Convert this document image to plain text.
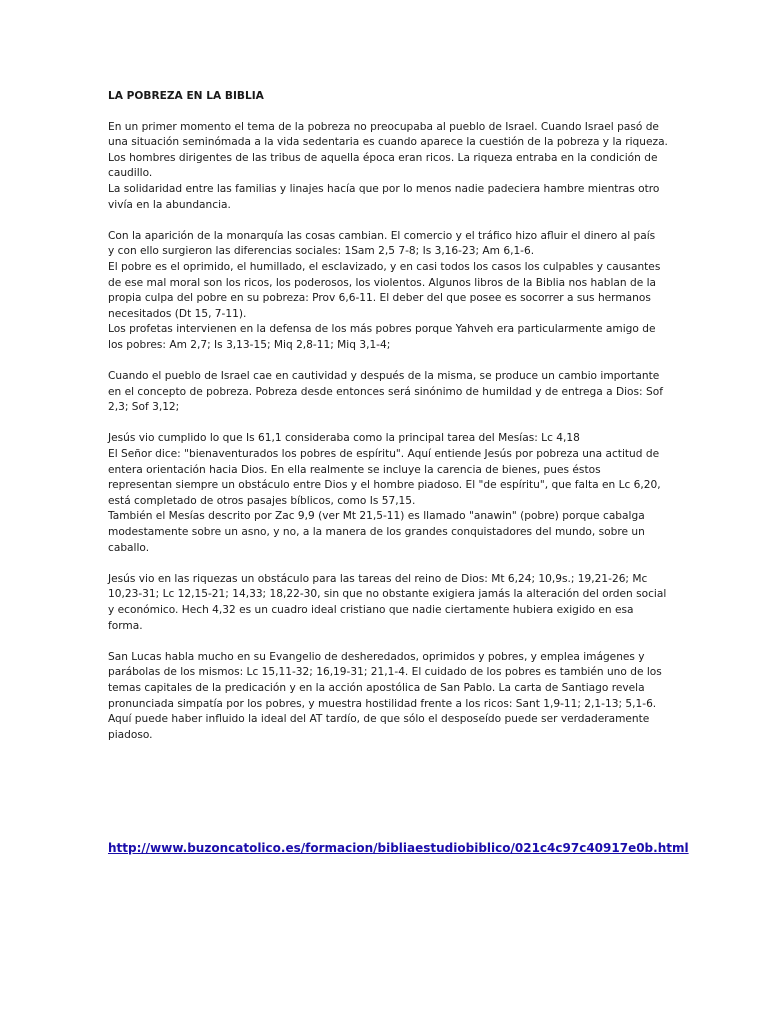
LA POBREZA EN LA BIBLIA
En un primer momento el tema de la pobreza no preocupaba al pueblo de Israel. Cuando Israel pasó de
una situación seminómada a la vida sedentaria es cuando aparece la cuestión de la pobreza y la riqueza.
Los hombres dirigentes de las tribus de aquella época eran ricos. La riqueza entraba en la condición de
caudillo.
La solidaridad entre las familias y linajes hacía que por lo menos nadie padeciera hambre mientras otro
vivía en la abundancia.
Con la aparición de la monarquía las cosas cambian. El comercio y el tráfico hizo afluir el dinero al país
y con ello surgieron las diferencias sociales: 1Sam 2,5 7-8; Is 3,16-23; Am 6,1-6.
El pobre es el oprimido, el humillado, el esclavizado, y en casi todos los casos los culpables y causantes
de ese mal moral son los ricos, los poderosos, los violentos. Algunos libros de la Biblia nos hablan de la
propia culpa del pobre en su pobreza: Prov 6,6-11. El deber del que posee es socorrer a sus hermanos
necesitados (Dt 15, 7-11).
Los profetas intervienen en la defensa de los más pobres porque Yahveh era particularmente amigo de
los pobres: Am 2,7; Is 3,13-15; Miq 2,8-11; Miq 3,1-4;
Cuando el pueblo de Israel cae en cautividad y después de la misma, se produce un cambio importante
en el concepto de pobreza. Pobreza desde entonces será sinónimo de humildad y de entrega a Dios: Sof
2,3; Sof 3,12;
Jesús vio cumplido lo que Is 61,1 consideraba como la principal tarea del Mesías: Lc 4,18
El Señor dice: "bienaventurados los pobres de espíritu". Aquí entiende Jesús por pobreza una actitud de
entera orientación hacia Dios. En ella realmente se incluye la carencia de bienes, pues éstos
representan siempre un obstáculo entre Dios y el hombre piadoso. El "de espíritu", que falta en Lc 6,20,
está completado de otros pasajes bíblicos, como Is 57,15.
También el Mesías descrito por Zac 9,9 (ver Mt 21,5-11) es llamado "anawin" (pobre) porque cabalga
modestamente sobre un asno, y no, a la manera de los grandes conquistadores del mundo, sobre un
caballo.
Jesús vio en las riquezas un obstáculo para las tareas del reino de Dios: Mt 6,24; 10,9s.; 19,21-26; Mc
10,23-31; Lc 12,15-21; 14,33; 18,22-30, sin que no obstante exigiera jamás la alteración del orden social
y económico. Hech 4,32 es un cuadro ideal cristiano que nadie ciertamente hubiera exigido en esa
forma.
San Lucas habla mucho en su Evangelio de desheredados, oprimidos y pobres, y emplea imágenes y
parábolas de los mismos: Lc 15,11-32; 16,19-31; 21,1-4. El cuidado de los pobres es también uno de los
temas capitales de la predicación y en la acción apostólica de San Pablo. La carta de Santiago revela
pronunciada simpatía por los pobres, y muestra hostilidad frente a los ricos: Sant 1,9-11; 2,1-13; 5,1-6.
Aquí puede haber influido la ideal del AT tardío, de que sólo el desposeído puede ser verdaderamente
piadoso.
http://www.buzoncatolico.es/formacion/bibliaestudiobiblico/021c4c97c40917e0b.html
